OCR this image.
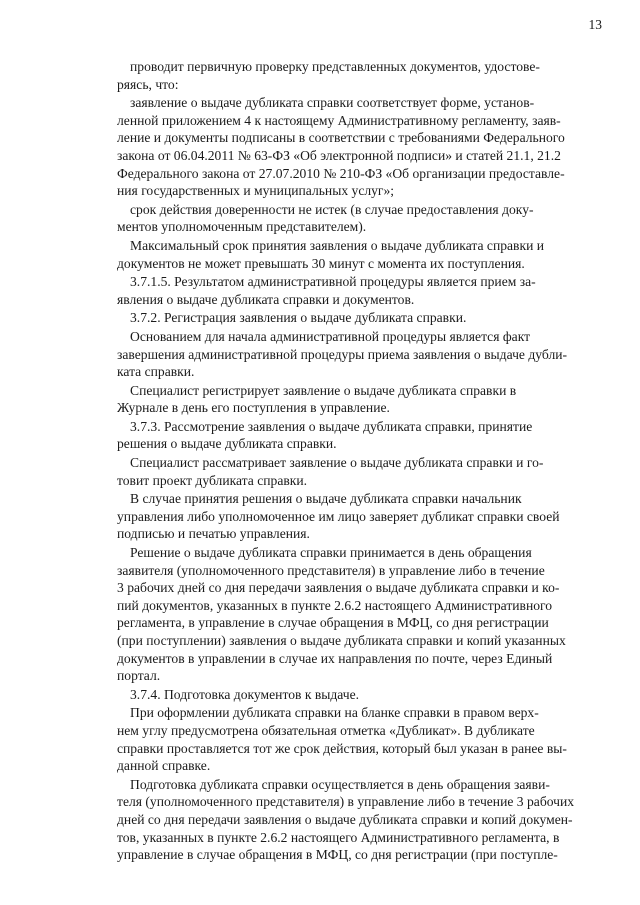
13

проводит первичную проверку представленных документов, удостове-
ряясь, что:

заявление о выдаче дубликата справки соответствует форме, установ-
ленной приложением 4 к настоящему Административному регламенту, заяв-
ление и документы подписаны в соответствии с требованиями Федерального
закона от 06.04.2011 № 63-ФЗ «Об электронной подписи» и статей 21.1, 21.2
Федерального закона от 27.07.2010 № 210-ФЗ «Об организации предоставле-
ния государственных и муниципальных услуг»;

срок действия доверенности не истек (в случае предоставления доку-
ментов уполномоченным представителем).

Максимальный срок принятия заявления о выдаче дубликата справки и
документов не может превышать 30 минут с момента их поступления.

3.7.1.5. Результатом административной процедуры является прием за-
явления о выдаче дубликата справки и документов.

3.7.2. Регистрация заявления о выдаче дубликата справки.

Основанием для начала административной процедуры является факт
завершения административной процедуры приема заявления о выдаче дубли-
ката справки.

Специалист регистрирует заявление о выдаче дубликата справки в
Журнале в день его поступления в управление.

3.7.3. Рассмотрение заявления о выдаче дубликата справки, принятие
решения о выдаче дубликата справки.

Специалист рассматривает заявление о выдаче дубликата справки и го-
товит проект дубликата справки.

В случае принятия решения о выдаче дубликата справки начальник
управления либо уполномоченное им лицо заверяет дубликат справки своей
подписью и печатью управления.

Решение о выдаче дубликата справки принимается в день обращения
заявителя (уполномоченного представителя) в управление либо в течение
3 рабочих дней со дня передачи заявления о выдаче дубликата справки и ко-
пий документов, указанных в пункте 2.6.2 настоящего Административного
регламента, в управление в случае обращения в МФЦ, со дня регистрации
(при поступлении) заявления о выдаче дубликата справки и копий указанных
документов в управлении в случае их направления по почте, через Единый
портал.

3.7.4. Подготовка документов к выдаче.

При оформлении дубликата справки на бланке справки в правом верх-
нем углу предусмотрена обязательная отметка «Дубликат». В дубликате
справки проставляется тот же срок действия, который был указан в ранее вы-
данной справке.

Подготовка дубликата справки осуществляется в день обращения заяви-
теля (уполномоченного представителя) в управление либо в течение 3 рабочих
дней со дня передачи заявления о выдаче дубликата справки и копий докумен-
тов, указанных в пункте 2.6.2 настоящего Административного регламента, в
управление в случае обращения в МФЦ, со дня регистрации (при поступле-
